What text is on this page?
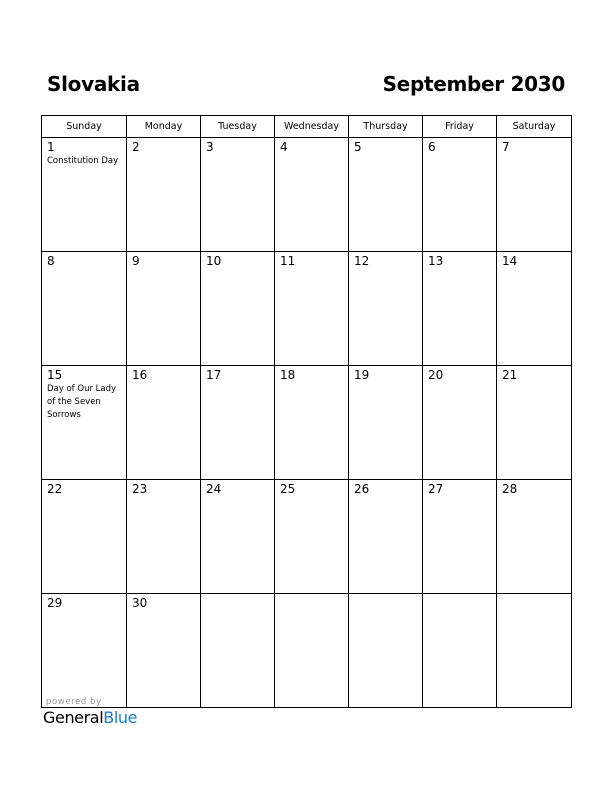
Slovakia	September 2030
Sunday	Monday	Tuesday	Wednesday	Thursday	Friday	Saturday

1
Constitution Day	2	3	4	5	6	7

8	9	10	11	12	13	14

15
Day of Our Lady of the Seven Sorrows	16	17	18	19	20	21

22	23	24	25	26	27	28

29	30					

powered by
GeneralBlue
